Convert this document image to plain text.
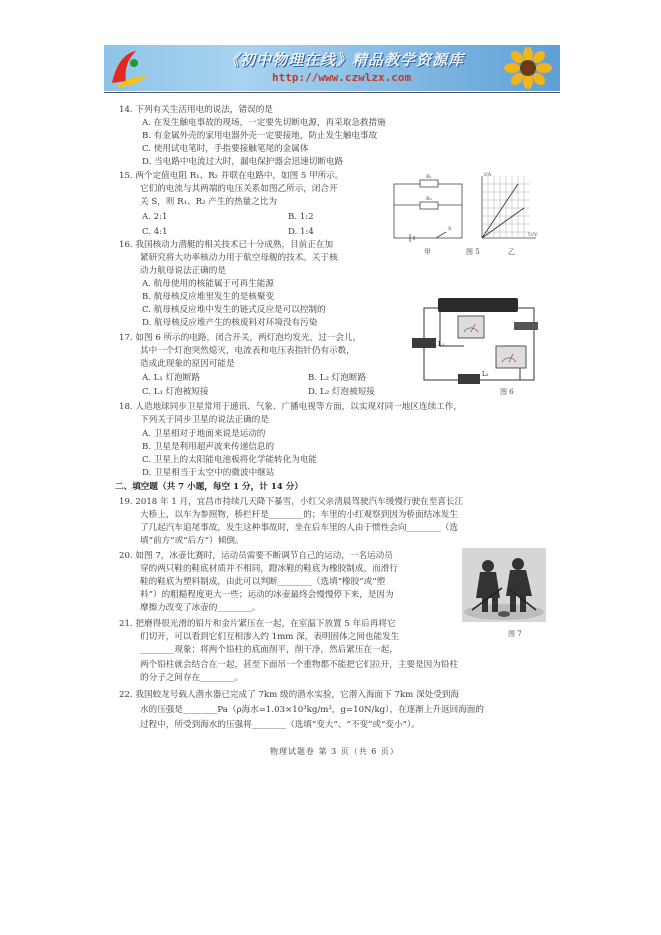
《初中物理在线》精品教学资源库
http://www.czwlzx.com
14. 下列有关生活用电的说法，错误的是
A. 在发生触电事故的现场，一定要先切断电源，再采取急救措施
B. 有金属外壳的家用电器外壳一定要接地，防止发生触电事故
C. 使用试电笔时，手指要接触笔尾的金属体
D. 当电路中电流过大时，漏电保护器会迅速切断电路
15. 两个定值电阻 R₁、R₂ 并联在电路中，如图 5 甲所示。
它们的电流与其两端的电压关系如图乙所示，闭合开
关 S，则 R₁、R₂ 产生的热量之比为
A. 2:1	B. 1:2
C. 4:1	D. 1:4
R₁
R₂
S
I/A
U/V
甲	图 5	乙
16. 我国核动力潜艇的相关技术已十分成熟，目前正在加
紧研究将大功率核动力用于航空母舰的技术。关于核
动力航母说法正确的是
A. 航母使用的核能属于可再生能源
B. 航母核反应堆里发生的是核聚变
C. 航母核反应堆中发生的链式反应是可以控制的
D. 航母核反应堆产生的核废料对环境没有污染
L₁
L₂
图 6
17. 如图 6 所示的电路，闭合开关，两灯泡均发光，过一会儿，
其中一个灯泡突然熄灭，电流表和电压表指针仍有示数，
造成此现象的原因可能是
A. L₁ 灯泡断路	B. L₂ 灯泡断路
C. L₁ 灯泡被短接	D. L₂ 灯泡被短接
18. 人造地球同步卫星常用于通讯、气象、广播电视等方面，以实现对同一地区连续工作，
下列关于同步卫星的说法正确的是
A. 卫星相对于地面来说是运动的
B. 卫星是利用超声波来传递信息的
C. 卫星上的太阳能电池板将化学能转化为电能
D. 卫星相当于太空中的微波中继站
二、填空题（共 7 小题，每空 1 分，计 14 分）
19. 2018 年 1 月，宜昌市持续几天降下暴雪，小红父亲清晨驾驶汽车缓慢行驶在至喜长江
大桥上，以车为参照物，桥栏杆是________的；车里的小红观察到因为桥面结冰发生
了几起汽车追尾事故，发生这种事故时，坐在后车里的人由于惯性会向________（选
填“前方”或“后方”）倾倒。
20. 如图 7，冰壶比赛时，运动员需要不断调节自己的运动，一名运动员
穿的两只鞋的鞋底材质并不相同，蹬冰鞋的鞋底为橡胶制成，而滑行
鞋的鞋底为塑料制成，由此可以判断________（选填“橡胶”或“塑
料”）的粗糙程度更大一些；运动的冰壶最终会慢慢停下来，是因为
摩擦力改变了冰壶的________。
图 7
21. 把磨得很光滑的铅片和金片紧压在一起，在室温下放置 5 年后再将它
们切开，可以看到它们互相渗入约 1mm 深，表明固体之间也能发生
________现象；将两个铅柱的底面削平，削干净，然后紧压在一起，
两个铅柱就会结合在一起，甚至下面吊一个重物都不能把它们拉开，主要是因为铅柱
的分子之间存在________。
22. 我国蛟龙号载人潜水器已完成了 7km 级的潜水实验，它潜入海面下 7km 深处受到海
水的压强是________Pa（ρ海水=1.03×10³kg/m³，g=10N/kg），在逐渐上升返回海面的
过程中，所受到海水的压强将________（选填“变大”、“不变”或“变小”）。
物理试题卷 第 3 页（共 6 页）
